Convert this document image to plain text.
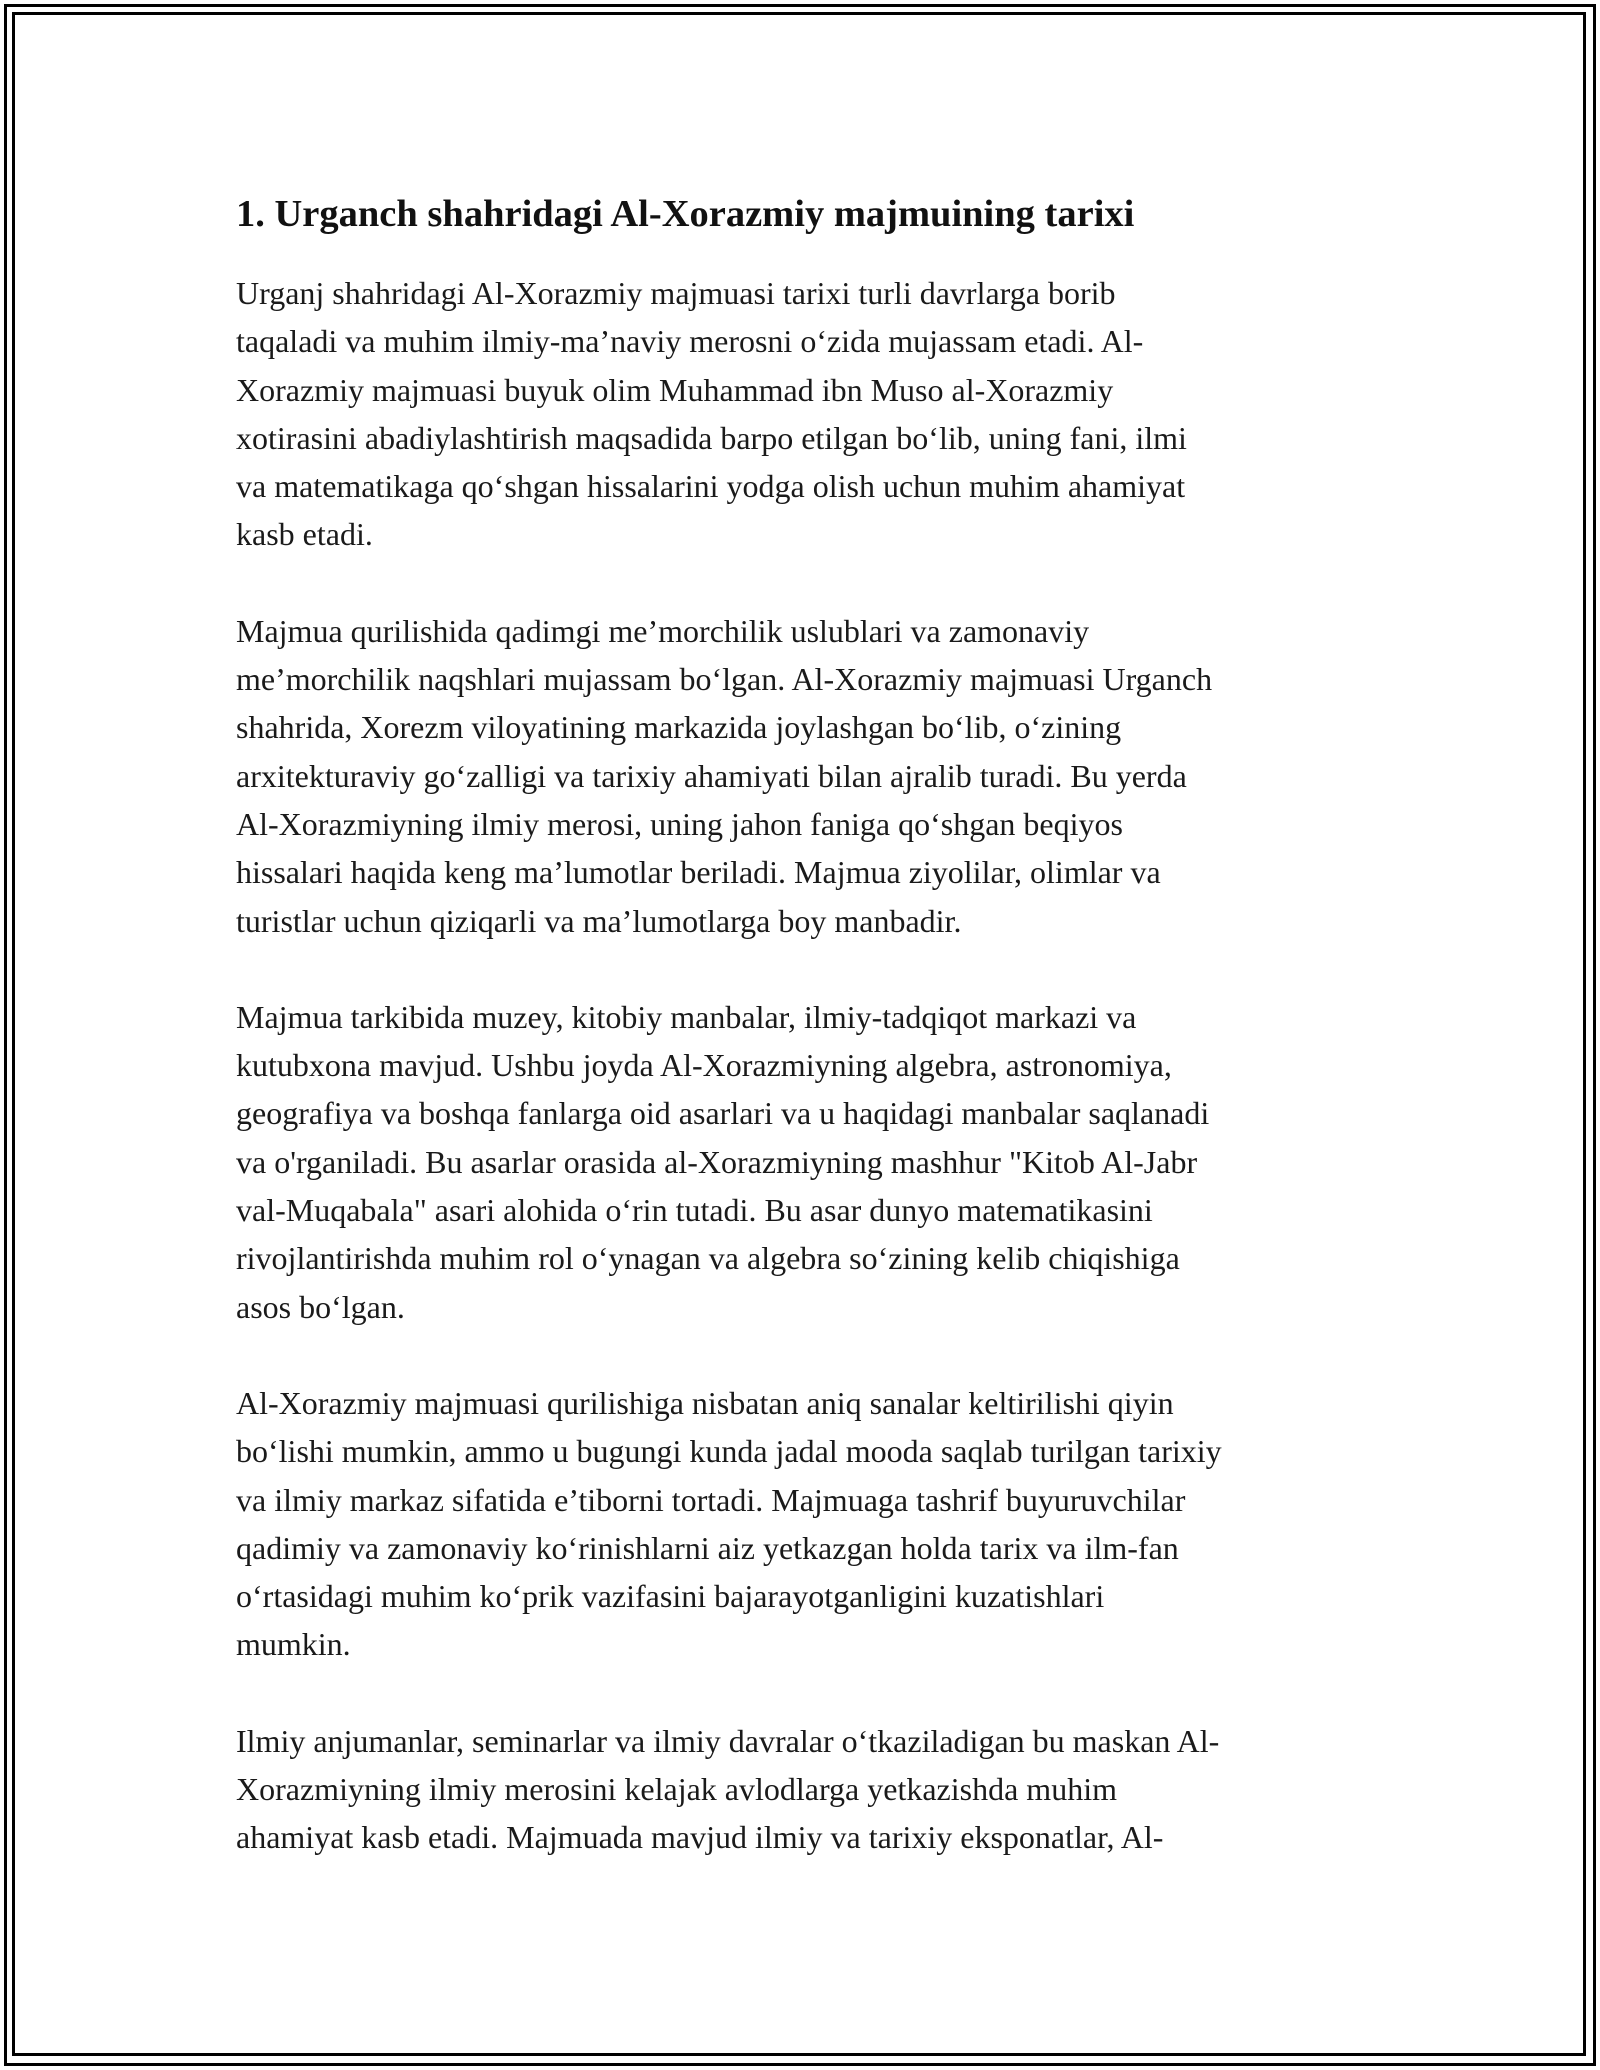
1. Urganch shahridagi Al-Xorazmiy majmuining tarixi

Urganj shahridagi Al-Xorazmiy majmuasi tarixi turli davrlarga borib
taqaladi va muhim ilmiy-ma’naviy merosni o‘zida mujassam etadi. Al-
Xorazmiy majmuasi buyuk olim Muhammad ibn Muso al-Xorazmiy
xotirasini abadiylashtirish maqsadida barpo etilgan bo‘lib, uning fani, ilmi
va matematikaga qo‘shgan hissalarini yodga olish uchun muhim ahamiyat
kasb etadi.

Majmua qurilishida qadimgi me’morchilik uslublari va zamonaviy
me’morchilik naqshlari mujassam bo‘lgan. Al-Xorazmiy majmuasi Urganch
shahrida, Xorezm viloyatining markazida joylashgan bo‘lib, o‘zining
arxitekturaviy go‘zalligi va tarixiy ahamiyati bilan ajralib turadi. Bu yerda
Al-Xorazmiyning ilmiy merosi, uning jahon faniga qo‘shgan beqiyos
hissalari haqida keng ma’lumotlar beriladi. Majmua ziyolilar, olimlar va
turistlar uchun qiziqarli va ma’lumotlarga boy manbadir.

Majmua tarkibida muzey, kitobiy manbalar, ilmiy-tadqiqot markazi va
kutubxona mavjud. Ushbu joyda Al-Xorazmiyning algebra, astronomiya,
geografiya va boshqa fanlarga oid asarlari va u haqidagi manbalar saqlanadi
va o'rganiladi. Bu asarlar orasida al-Xorazmiyning mashhur "Kitob Al-Jabr
val-Muqabala" asari alohida o‘rin tutadi. Bu asar dunyo matematikasini
rivojlantirishda muhim rol o‘ynagan va algebra so‘zining kelib chiqishiga
asos bo‘lgan.

Al-Xorazmiy majmuasi qurilishiga nisbatan aniq sanalar keltirilishi qiyin
bo‘lishi mumkin, ammo u bugungi kunda jadal mooda saqlab turilgan tarixiy
va ilmiy markaz sifatida e’tiborni tortadi. Majmuaga tashrif buyuruvchilar
qadimiy va zamonaviy ko‘rinishlarni aiz yetkazgan holda tarix va ilm-fan
o‘rtasidagi muhim ko‘prik vazifasini bajarayotganligini kuzatishlari
mumkin.

Ilmiy anjumanlar, seminarlar va ilmiy davralar o‘tkaziladigan bu maskan Al-
Xorazmiyning ilmiy merosini kelajak avlodlarga yetkazishda muhim
ahamiyat kasb etadi. Majmuada mavjud ilmiy va tarixiy eksponatlar, Al-
